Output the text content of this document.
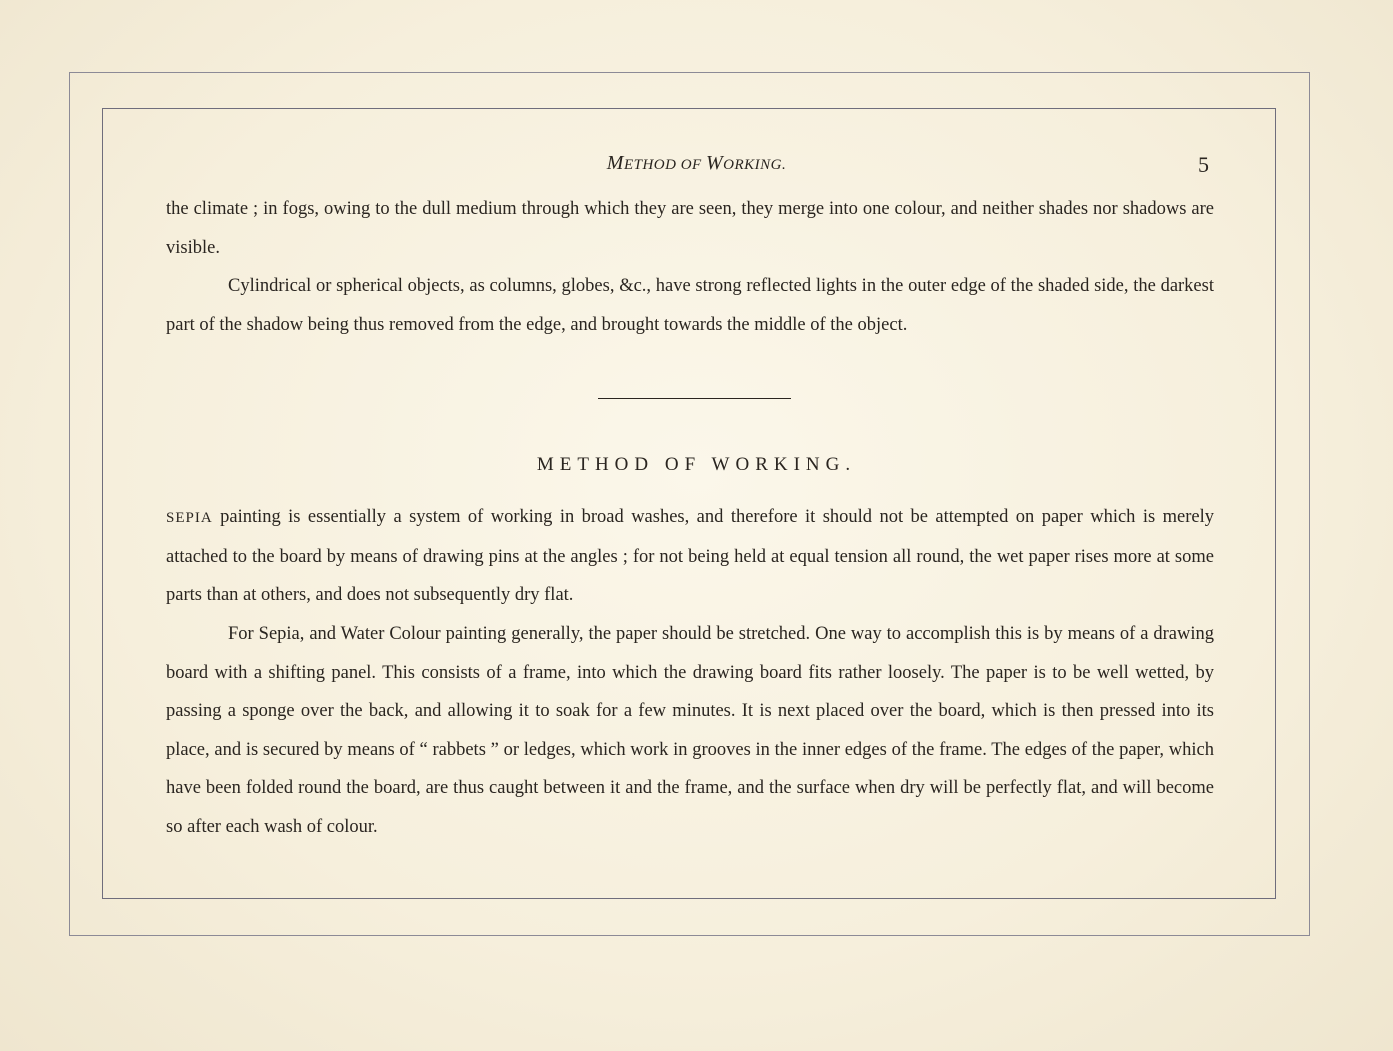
METHOD OF WORKING.	5
the climate ; in fogs, owing to the dull medium through which they are seen, they merge into one colour, and neither shades nor shadows are visible.
Cylindrical or spherical objects, as columns, globes, &c., have strong reflected lights in the outer edge of the shaded side, the darkest part of the shadow being thus removed from the edge, and brought towards the middle of the object.
METHOD OF WORKING.
SEPIA painting is essentially a system of working in broad washes, and therefore it should not be attempted on paper which is merely attached to the board by means of drawing pins at the angles ; for not being held at equal tension all round, the wet paper rises more at some parts than at others, and does not subsequently dry flat.
For Sepia, and Water Colour painting generally, the paper should be stretched. One way to accomplish this is by means of a drawing board with a shifting panel. This consists of a frame, into which the drawing board fits rather loosely. The paper is to be well wetted, by passing a sponge over the back, and allowing it to soak for a few minutes. It is next placed over the board, which is then pressed into its place, and is secured by means of “ rabbets ” or ledges, which work in grooves in the inner edges of the frame. The edges of the paper, which have been folded round the board, are thus caught between it and the frame, and the surface when dry will be perfectly flat, and will become so after each wash of colour.
